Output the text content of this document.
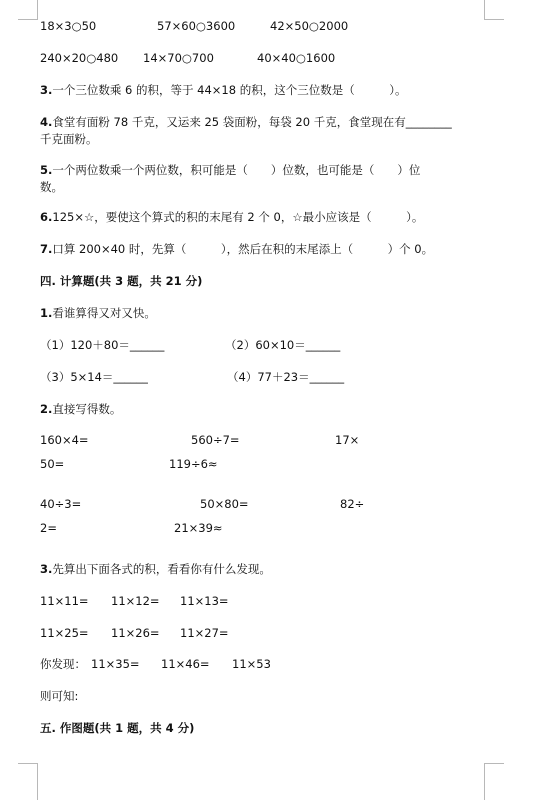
18×3○50	57×60○3600	42×50○2000
240×20○480 14×70○700	40×40○1600
3.一个三位数乘 6 的积，等于 44×18 的积，这个三位数是（　　　）。
4.食堂有面粉 78 千克，又运来 25 袋面粉，每袋 20 千克，食堂现在有________
千克面粉。
5.一个两位数乘一个两位数，积可能是（　　）位数，也可能是（　　）位
数。
6.125×☆，要使这个算式的积的末尾有 2 个 0，☆最小应该是（　　　）。
7.口算 200×40 时，先算（　　　），然后在积的末尾添上（　　　）个 0。
四. 计算题(共 3 题，共 21 分)
1.看谁算得又对又快。
（1）120＋80＝______	（2）60×10＝______
（3）5×14＝______	（4）77＋23＝______
2.直接写得数。
160×4=	560÷7=	17×
50=	119÷6≈
40÷3=	50×80=	82÷
2=	21×39≈
3.先算出下面各式的积，看看你有什么发现。
11×11= 11×12= 11×13=
11×25= 11×26= 11×27=
你发现： 11×35= 11×46= 11×53
则可知:
五. 作图题(共 1 题，共 4 分)
